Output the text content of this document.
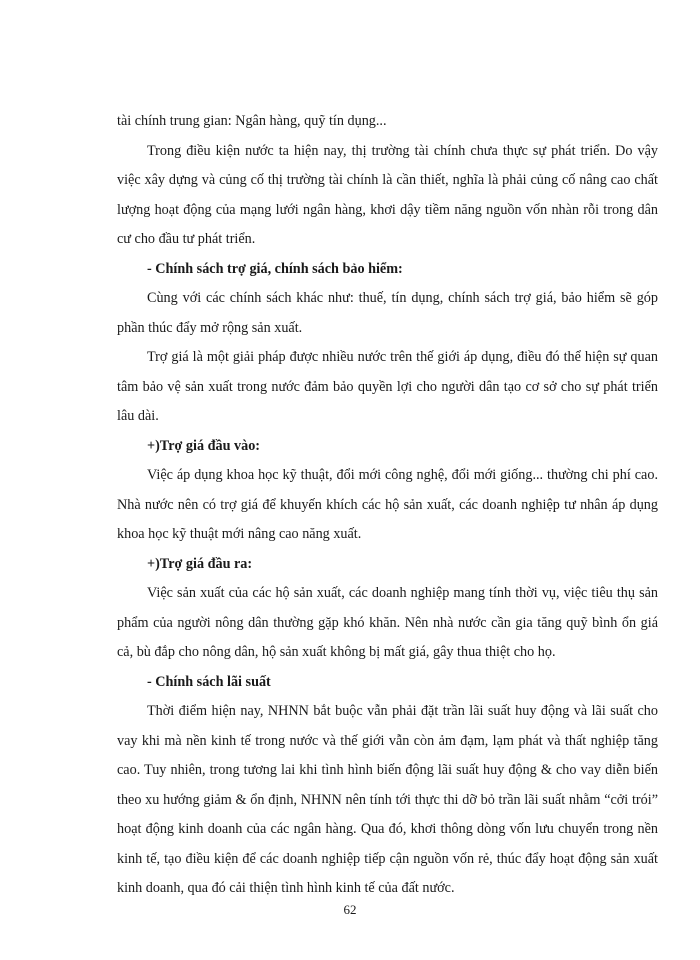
tài chính trung gian: Ngân hàng, quỹ tín dụng...

Trong điều kiện nước ta hiện nay, thị trường tài chính chưa thực sự phát triển. Do vậy việc xây dựng và củng cố thị trường tài chính là cần thiết, nghĩa là phải củng cố nâng cao chất lượng hoạt động của mạng lưới ngân hàng, khơi dậy tiềm năng nguồn vốn nhàn rỗi trong dân cư cho đầu tư phát triển.

- Chính sách trợ giá, chính sách bảo hiểm:

Cùng với các chính sách khác như: thuế, tín dụng, chính sách trợ giá, bảo hiểm sẽ góp phần thúc đẩy mở rộng sản xuất.

Trợ giá là một giải pháp được nhiều nước trên thế giới áp dụng, điều đó thể hiện sự quan tâm bảo vệ sản xuất trong nước đảm bảo quyền lợi cho người dân tạo cơ sở cho sự phát triển lâu dài.

+)Trợ giá đầu vào:

Việc áp dụng khoa học kỹ thuật, đổi mới công nghệ, đổi mới giống... thường chi phí cao. Nhà nước nên có trợ giá để khuyến khích các hộ sản xuất, các doanh nghiệp tư nhân áp dụng khoa học kỹ thuật mới nâng cao năng xuất.

+)Trợ giá đầu ra:

Việc sản xuất của các hộ sản xuất, các doanh nghiệp mang tính thời vụ, việc tiêu thụ sản phẩm của người nông dân thường gặp khó khăn. Nên nhà nước cần gia tăng quỹ bình ổn giá cả, bù đắp cho nông dân, hộ sản xuất không bị mất giá, gây thua thiệt cho họ.

- Chính sách lãi suất

Thời điểm hiện nay, NHNN bắt buộc vẫn phải đặt trần lãi suất huy động và lãi suất cho vay khi mà nền kinh tế trong nước và thế giới vẫn còn ảm đạm, lạm phát và thất nghiệp tăng cao. Tuy nhiên, trong tương lai khi tình hình biến động lãi suất huy động & cho vay diễn biến theo xu hướng giảm & ổn định, NHNN nên tính tới thực thi dỡ bỏ trần lãi suất nhằm “cởi trói” hoạt động kinh doanh của các ngân hàng. Qua đó, khơi thông dòng vốn lưu chuyển trong nền kinh tế, tạo điều kiện để các doanh nghiệp tiếp cận nguồn vốn rẻ, thúc đẩy hoạt động sản xuất kinh doanh, qua đó cải thiện tình hình kinh tế của đất nước.

62
